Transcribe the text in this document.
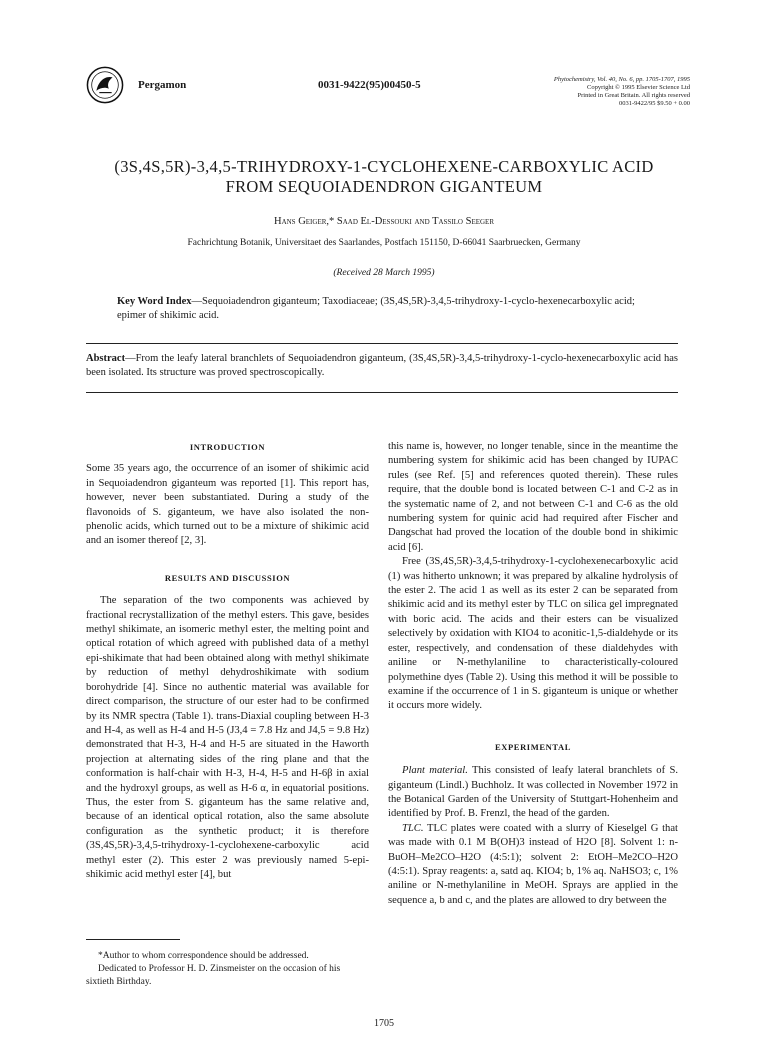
Pergamon	0031-9422(95)00450-5	Phytochemistry, Vol. 40, No. 6, pp. 1705-1707, 1995
Copyright © 1995 Elsevier Science Ltd
Printed in Great Britain. All rights reserved
0031-9422/95 $9.50 + 0.00
(3S,4S,5R)-3,4,5-TRIHYDROXY-1-CYCLOHEXENE-CARBOXYLIC ACID
FROM SEQUOIADENDRON GIGANTEUM
Hans Geiger,* Saad El-Dessouki and Tassilo Seeger
Fachrichtung Botanik, Universitaet des Saarlandes, Postfach 151150, D-66041 Saarbruecken, Germany
(Received 28 March 1995)
Key Word Index—Sequoiadendron giganteum; Taxodiaceae; (3S,4S,5R)-3,4,5-trihydroxy-1-cyclo-hexenecarboxylic acid; epimer of shikimic acid.
Abstract—From the leafy lateral branchlets of Sequoiadendron giganteum, (3S,4S,5R)-3,4,5-trihydroxy-1-cyclo-hexenecarboxylic acid has been isolated. Its structure was proved spectroscopically.

INTRODUCTION

Some 35 years ago, the occurrence of an isomer of shikimic acid in Sequoiadendron giganteum was reported [1]. This report has, however, never been substantiated. During a study of the flavonoids of S. giganteum, we have also isolated the non-phenolic acids, which turned out to be a mixture of shikimic acid and an isomer thereof [2, 3].

RESULTS AND DISCUSSION

The separation of the two components was achieved by fractional recrystallization of the methyl esters. This gave, besides methyl shikimate, an isomeric methyl ester, the melting point and optical rotation of which agreed with published data of a methyl epi-shikimate that had been obtained along with methyl shikimate by reduction of methyl dehydroshikimate with sodium borohydride [4]. Since no authentic material was available for direct comparison, the structure of our ester had to be confirmed by its NMR spectra (Table 1). trans-Diaxial coupling between H-3 and H-4, as well as H-4 and H-5 (J3,4 = 7.8 Hz and J4,5 = 9.8 Hz) demonstrated that H-3, H-4 and H-5 are situated in the Haworth projection at alternating sides of the ring plane and that the conformation is half-chair with H-3, H-4, H-5 and H-6β in axial and the hydroxyl groups, as well as H-6 α, in equatorial positions. Thus, the ester from S. giganteum has the same relative and, because of an identical optical rotation, also the same absolute configuration as the synthetic product; it is therefore (3S,4S,5R)-3,4,5-trihydroxy-1-cyclohexene-carboxylic acid methyl ester (2). This ester 2 was previously named 5-epi-shikimic acid methyl ester [4], but

this name is, however, no longer tenable, since in the meantime the numbering system for shikimic acid has been changed by IUPAC rules (see Ref. [5] and references quoted therein). These rules require, that the double bond is located between C-1 and C-2 as in the systematic name of 2, and not between C-1 and C-6 as the old numbering system for quinic acid had required after Fischer and Dangschat had proved the location of the double bond in shikimic acid [6].

Free (3S,4S,5R)-3,4,5-trihydroxy-1-cyclohexenecarboxylic acid (1) was hitherto unknown; it was prepared by alkaline hydrolysis of the ester 2. The acid 1 as well as its ester 2 can be separated from shikimic acid and its methyl ester by TLC on silica gel impregnated with boric acid. The acids and their esters can be visualized selectively by oxidation with KIO4 to aconitic-1,5-dialdehyde or its ester, respectively, and condensation of these dialdehydes with aniline or N-methylaniline to characteristically-coloured polymethine dyes (Table 2). Using this method it will be possible to examine if the occurrence of 1 in S. giganteum is unique or whether it occurs more widely.

EXPERIMENTAL

Plant material. This consisted of leafy lateral branchlets of S. giganteum (Lindl.) Buchholz. It was collected in November 1972 in the Botanical Garden of the University of Stuttgart-Hohenheim and identified by Prof. B. Frenzl, the head of the garden.

TLC. TLC plates were coated with a slurry of Kieselgel G that was made with 0.1 M B(OH)3 instead of H2O [8]. Solvent 1: n-BuOH–Me2CO–H2O (4:5:1); solvent 2: EtOH–Me2CO–H2O (4:5:1). Spray reagents: a, satd aq. KIO4; b, 1% aq. NaHSO3; c, 1% aniline or N-methylaniline in MeOH. Sprays are applied in the sequence a, b and c, and the plates are allowed to dry between the

*Author to whom correspondence should be addressed.

Dedicated to Professor H. D. Zinsmeister on the occasion of his sixtieth Birthday.

1705
